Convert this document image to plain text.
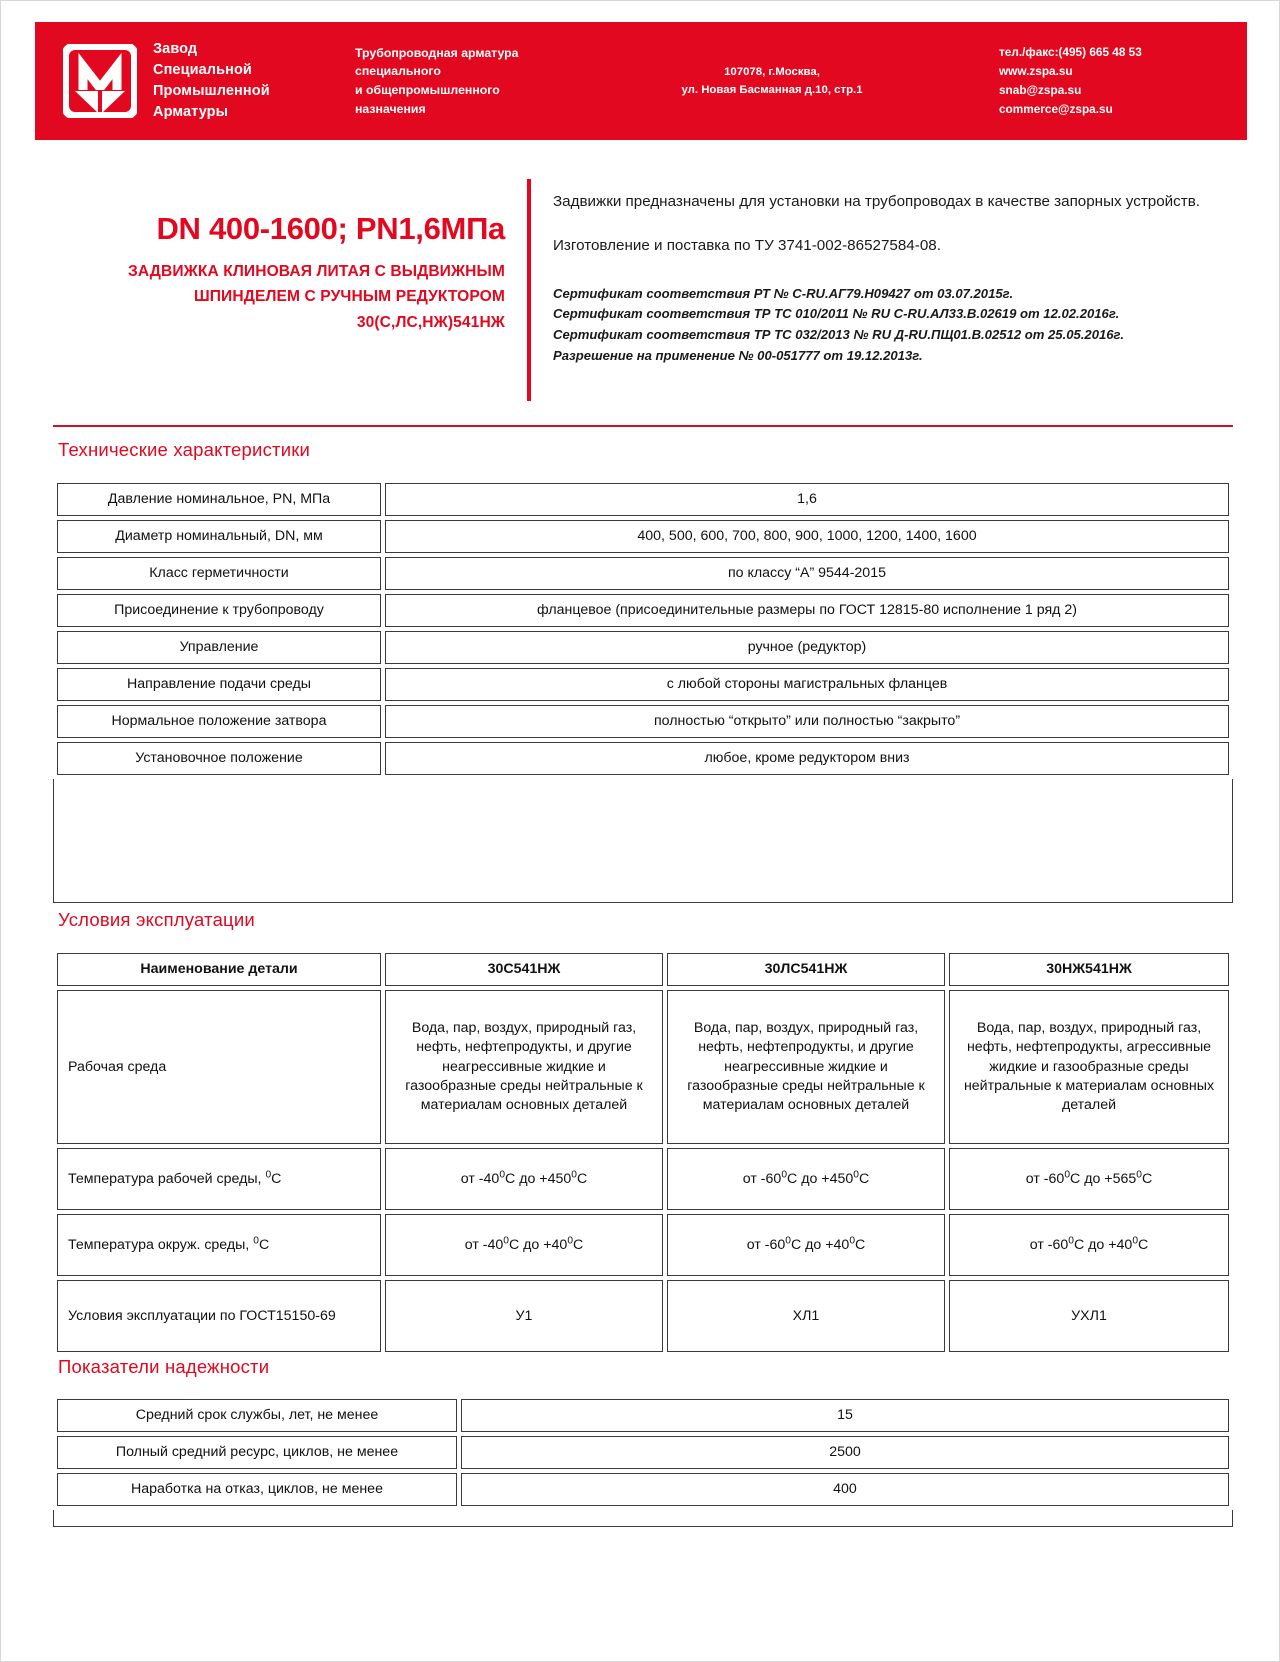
Завод
Специальной
Промышленной
Арматуры
Трубопроводная арматура
специального
и общепромышленного
назначения
107078, г.Москва,
ул. Новая Басманная д.10, стр.1
тел./факс:(495) 665 48 53
www.zspa.su
snab@zspa.su
commerce@zspa.su
DN 400-1600; PN1,6МПа
ЗАДВИЖКА КЛИНОВАЯ ЛИТАЯ С ВЫДВИЖНЫМ
ШПИНДЕЛЕМ С РУЧНЫМ РЕДУКТОРОМ
30(С,ЛС,НЖ)541НЖ

Задвижки предназначены для установки на трубопроводах в качестве запорных устройств.

Изготовление и поставка по ТУ 3741-002-86527584-08.

Сертификат соответствия РТ № C-RU.АГ79.Н09427 от 03.07.2015г.
Сертификат соответствия ТР ТС 010/2011 № RU C-RU.АЛ33.В.02619 от 12.02.2016г.
Сертификат соответствия ТР ТС 032/2013 № RU Д-RU.ПЩ01.В.02512 от 25.05.2016г.
Разрешение на применение № 00-051777 от 19.12.2013г.
Технические характеристики
Давление номинальное, PN, МПа	1,6
Диаметр номинальный, DN, мм	400, 500, 600, 700, 800, 900, 1000, 1200, 1400, 1600
Класс герметичности	по классу “А” 9544-2015
Присоединение к трубопроводу	фланцевое (присоединительные размеры по ГОСТ 12815-80 исполнение 1 ряд 2)
Управление	ручное (редуктор)
Направление подачи среды	с любой стороны магистральных фланцев
Нормальное положение затвора	полностью “открыто” или полностью “закрыто”
Установочное положение	любое, кроме редуктором вниз
Условия эксплуатации
Наименование детали	30С541НЖ	30ЛС541НЖ	30НЖ541НЖ
Рабочая среда	Вода, пар, воздух, природный газ, нефть, нефтепродукты, и другие неагрессивные жидкие и газообразные среды нейтральные к материалам основных деталей	Вода, пар, воздух, природный газ, нефть, нефтепродукты, и другие неагрессивные жидкие и газообразные среды нейтральные к материалам основных деталей	Вода, пар, воздух, природный газ, нефть, нефтепродукты, агрессивные жидкие и газообразные среды нейтральные к материалам основных деталей
Температура рабочей среды, $^0$С	от $-40^0С$ до $+450^0С$	от $-60^0С$ до $+450^0С$	от $-60^0С$ до $+565^0С$
Температура окруж. среды, $^0$С	от $-40^0С$ до $+40^0С$	от $-60^0С$ до $+40^0С$	от $-60^0С$ до $+40^0С$
Условия эксплуатации по ГОСТ15150-69	У1	ХЛ1	УХЛ1
Показатели надежности
Средний срок службы, лет, не менее	15
Полный средний ресурс, циклов, не менее	2500
Наработка на отказ, циклов, не менее	400
